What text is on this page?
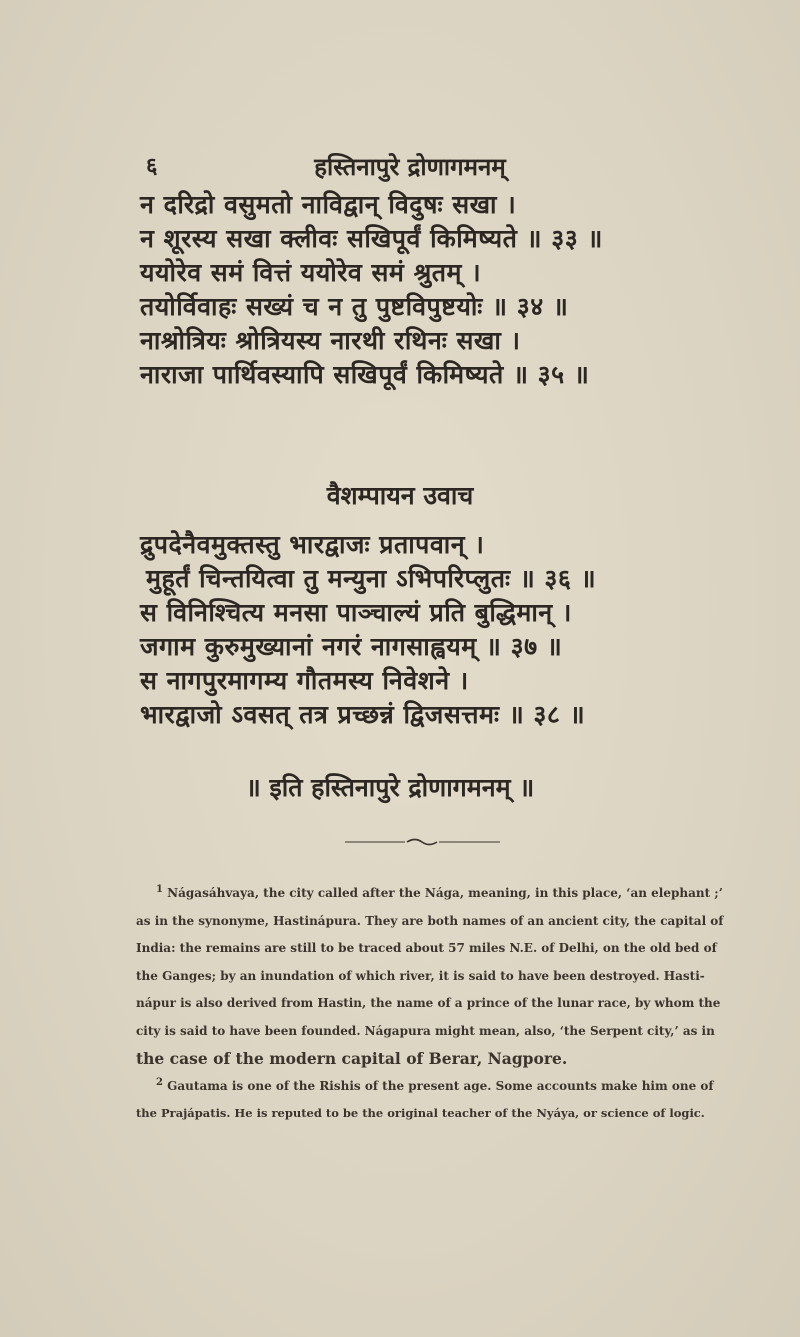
६	हस्तिनापुरे द्रोणागमनम्
न दरिद्रो वसुमतो नाविद्वान् विदुषः सखा ।
न शूरस्य सखा क्लीवः सखिपूर्वं किमिष्यते ॥ ३३ ॥
ययोरेव समं वित्तं ययोरेव समं श्रुतम् ।
तयोर्विवाहः सख्यं च न तु पुष्टविपुष्टयोः ॥ ३४ ॥
नाश्रोत्रियः श्रोत्रियस्य नारथी रथिनः सखा ।
नाराजा पार्थिवस्यापि सखिपूर्वं किमिष्यते ॥ ३५ ॥
वैशम्पायन उवाच
द्रुपदेनैवमुक्तस्तु भारद्वाजः प्रतापवान् ।
मुहूर्तं चिन्तयित्वा तु मन्युना ऽभिपरिप्लुतः ॥ ३६ ॥
स विनिश्चित्य मनसा पाञ्चाल्यं प्रति बुद्धिमान् ।
जगाम कुरुमुख्यानां नगरं नागसाह्वयम् ॥ ३७ ॥
स नागपुरमागम्य गौतमस्य निवेशने ।
भारद्वाजो ऽवसत् तत्र प्रच्छन्नं द्विजसत्तमः ॥ ३८ ॥
॥ इति हस्तिनापुरे द्रोणागमनम् ॥
$^1$ Nágasáhvaya, the city called after the Nága, meaning, in this place, ‘an elephant ;’
as in the synonyme, Hastinápura. They are both names of an ancient city, the capital of
India: the remains are still to be traced about 57 miles N.E. of Delhi, on the old bed of
the Ganges; by an inundation of which river, it is said to have been destroyed. Hasti-
nápur is also derived from Hastin, the name of a prince of the lunar race, by whom the
city is said to have been founded. Nágapura might mean, also, ‘the Serpent city,’ as in
the case of the modern capital of Berar, Nagpore.
$^2$ Gautama is one of the Rishis of the present age. Some accounts make him one of
the Prajápatis. He is reputed to be the original teacher of the Nyáya, or science of logic.
